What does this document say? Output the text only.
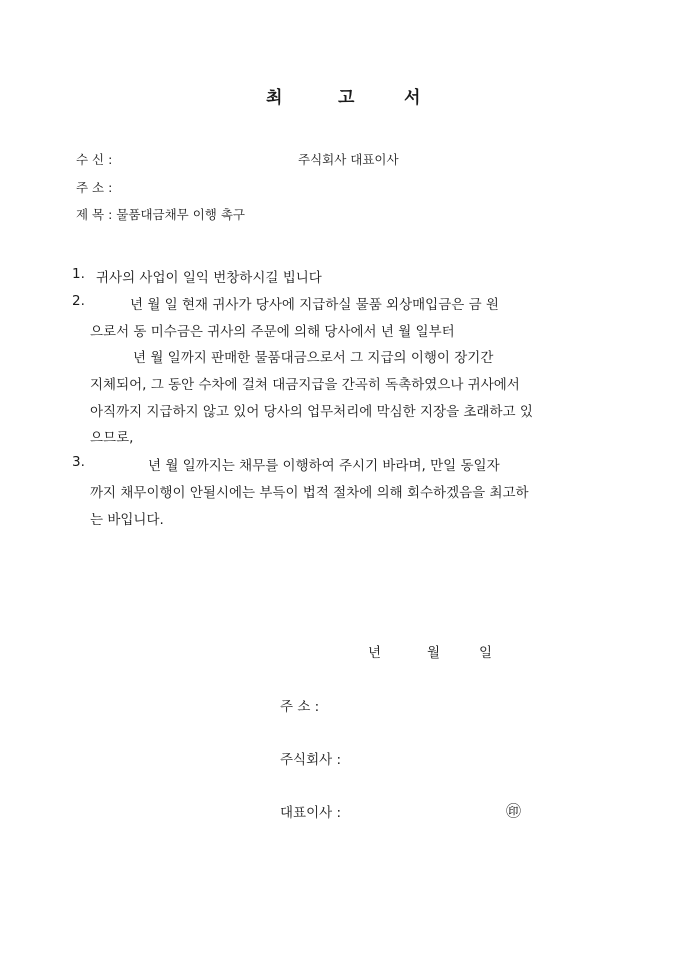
최	고	서
수 신 :	주식회사 대표이사
주 소 :
제 목 : 물품대금채무 이행 촉구
1. 귀사의 사업이 일익 번창하시길 빕니다
2.	년 월 일 현재 귀사가 당사에 지급하실 물품 외상매입금은 금 원
으로서 동 미수금은 귀사의 주문에 의해 당사에서 년 월 일부터
년 월 일까지 판매한 물품대금으로서 그 지급의 이행이 장기간
지체되어, 그 동안 수차에 걸쳐 대금지급을 간곡히 독촉하였으나 귀사에서
아직까지 지급하지 않고 있어 당사의 업무처리에 막심한 지장을 초래하고 있
으므로,
3.	년 월 일까지는 채무를 이행하여 주시기 바라며, 만일 동일자
까지 채무이행이 안될시에는 부득이 법적 절차에 의해 회수하겠음을 최고하
는 바입니다.
년	월	일
주 소 :
주식회사 :
대표이사 :	㊞
